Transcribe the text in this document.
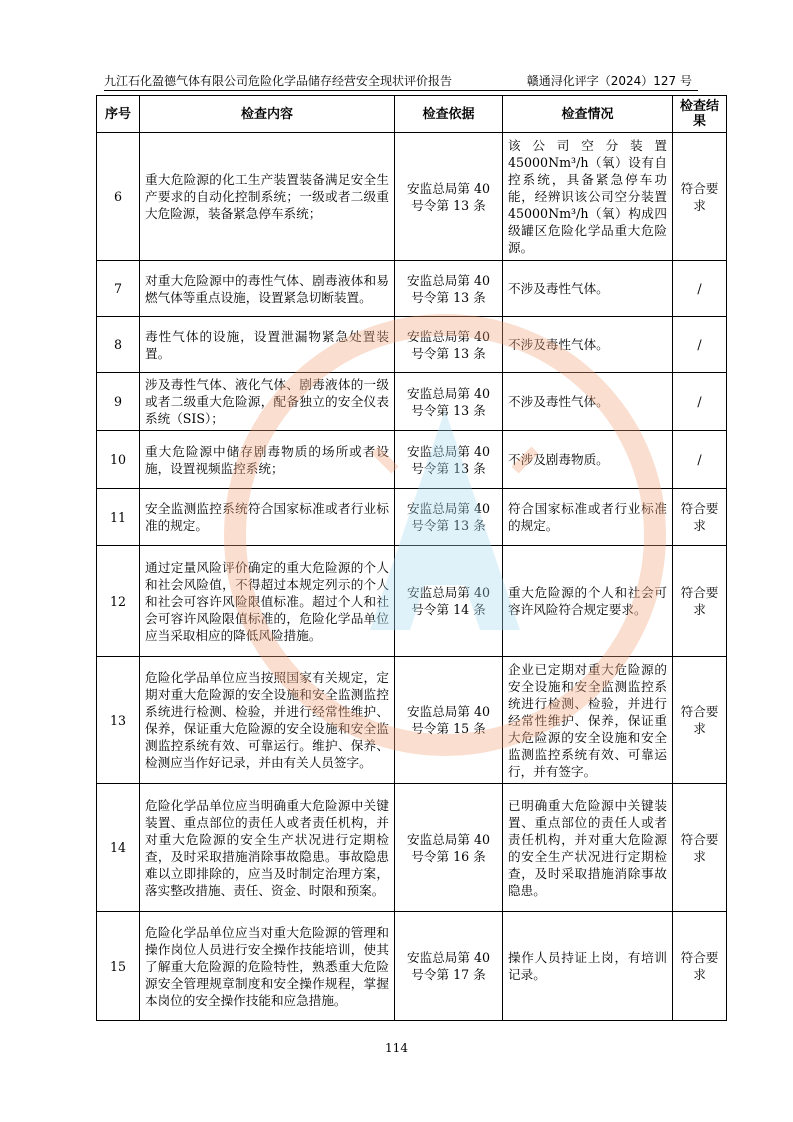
九江石化盈德气体有限公司危险化学品储存经营安全现状评价报告	赣通浔化评字（2024）127 号
序号	检查内容	检查依据	检查情况	检查结果
6	重大危险源的化工生产装置装备满足安全生产要求的自动化控制系统；一级或者二级重大危险源，装备紧急停车系统；	安监总局第 40 号令第 13 条	该公司空分装置45000Nm³/h（氧）设有自控系统，具备紧急停车功能，经辨识该公司空分装置 45000Nm³/h（氧）构成四级罐区危险化学品重大危险源。	符合要求
7	对重大危险源中的毒性气体、剧毒液体和易燃气体等重点设施，设置紧急切断装置。	安监总局第 40 号令第 13 条	不涉及毒性气体。	/
8	毒性气体的设施，设置泄漏物紧急处置装置。	安监总局第 40 号令第 13 条	不涉及毒性气体。	/
9	涉及毒性气体、液化气体、剧毒液体的一级或者二级重大危险源，配备独立的安全仪表系统（SIS）；	安监总局第 40 号令第 13 条	不涉及毒性气体。	/
10	重大危险源中储存剧毒物质的场所或者设施，设置视频监控系统；	安监总局第 40 号令第 13 条	不涉及剧毒物质。	/
11	安全监测监控系统符合国家标准或者行业标准的规定。	安监总局第 40 号令第 13 条	符合国家标准或者行业标准的规定。	符合要求
12	通过定量风险评价确定的重大危险源的个人和社会风险值，不得超过本规定列示的个人和社会可容许风险限值标准。超过个人和社会可容许风险限值标准的，危险化学品单位应当采取相应的降低风险措施。	安监总局第 40 号令第 14 条	重大危险源的个人和社会可容许风险符合规定要求。	符合要求
13	危险化学品单位应当按照国家有关规定，定期对重大危险源的安全设施和安全监测监控系统进行检测、检验，并进行经常性维护、保养，保证重大危险源的安全设施和安全监测监控系统有效、可靠运行。维护、保养、检测应当作好记录，并由有关人员签字。	安监总局第 40 号令第 15 条	企业已定期对重大危险源的安全设施和安全监测监控系统进行检测、检验，并进行经常性维护、保养，保证重大危险源的安全设施和安全监测监控系统有效、可靠运行，并有签字。	符合要求
14	危险化学品单位应当明确重大危险源中关键装置、重点部位的责任人或者责任机构，并对重大危险源的安全生产状况进行定期检查，及时采取措施消除事故隐患。事故隐患难以立即排除的，应当及时制定治理方案，落实整改措施、责任、资金、时限和预案。	安监总局第 40 号令第 16 条	已明确重大危险源中关键装置、重点部位的责任人或者责任机构，并对重大危险源的安全生产状况进行定期检查，及时采取措施消除事故隐患。	符合要求
15	危险化学品单位应当对重大危险源的管理和操作岗位人员进行安全操作技能培训，使其了解重大危险源的危险特性，熟悉重大危险源安全管理规章制度和安全操作规程，掌握本岗位的安全操作技能和应急措施。	安监总局第 40 号令第 17 条	操作人员持证上岗，有培训记录。	符合要求
114
